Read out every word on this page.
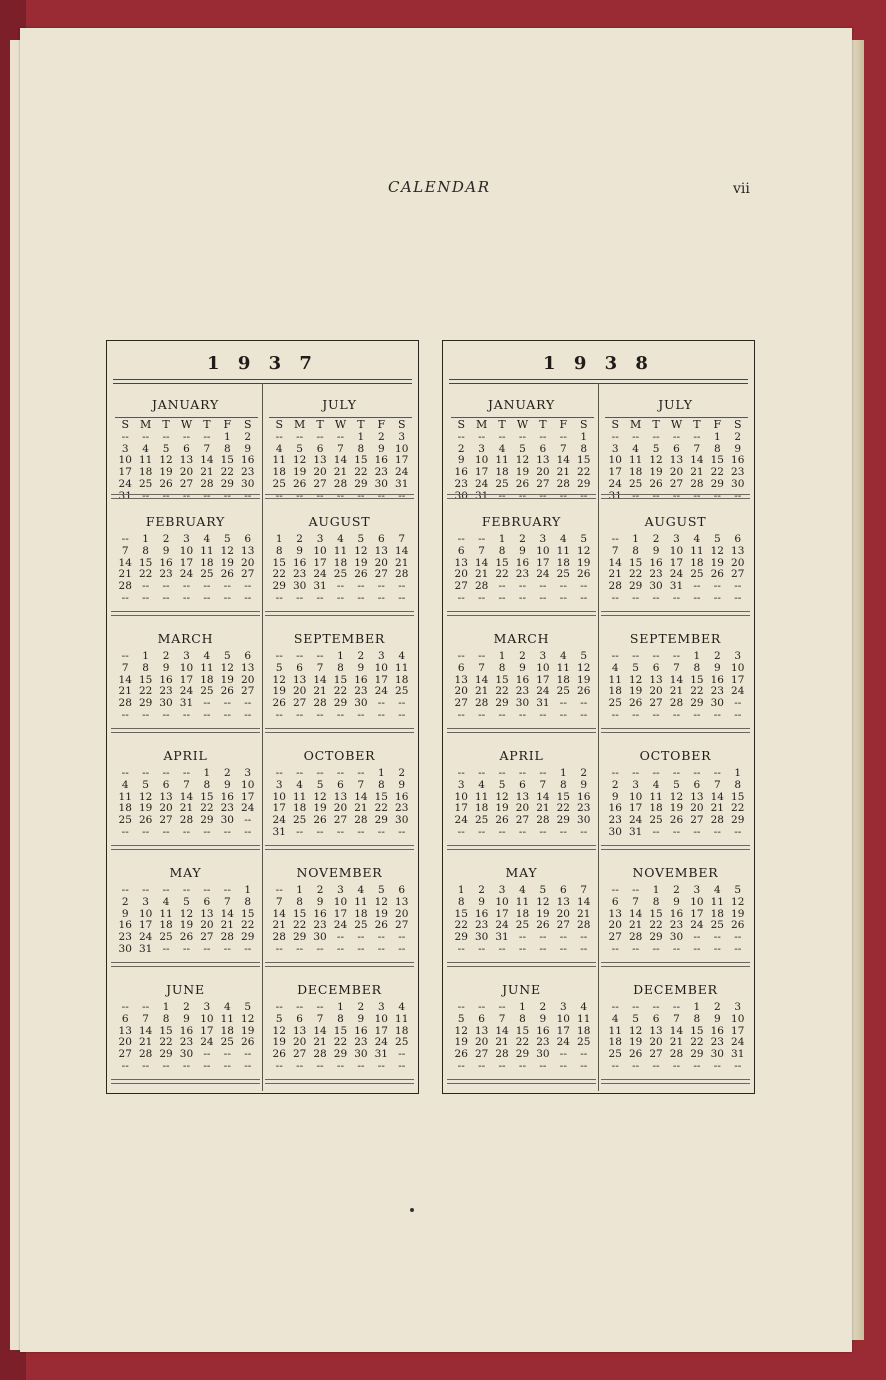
CALENDAR	vii
1 9 3 7
JANUARY
S	M	T	W	T	F	S
--	--	--	--	--	1	2
3	4	5	6	7	8	9
10 11 12 13 14 15 16
17 18 19 20 21 22 23
24 25 26 27 28 29 30
31 --	--	--	--	--	--
JULY
S	M	T	W	T	F	S
--	--	--	--	1	2	3
4	5	6	7	8	9 10
11 12 13 14 15 16 17
18 19 20 21 22 23 24
25 26 27 28 29 30 31
--	--	--	--	--	--	--
FEBRUARY
--	1	2	3	4	5	6
7	8	9 10 11 12 13
14 15 16 17 18 19 20
21 22 23 24 25 26 27
28 --	--	--	--	--	--
--	--	--	--	--	--	--
AUGUST
1	2	3	4	5	6	7
8	9 10 11 12 13 14
15 16 17 18 19 20 21
22 23 24 25 26 27 28
29 30 31 --	--	--	--
--	--	--	--	--	--	--
MARCH
--	1	2	3	4	5	6
7	8	9 10 11 12 13
14 15 16 17 18 19 20
21 22 23 24 25 26 27
28 29 30 31 --	--	--
--	--	--	--	--	--	--
SEPTEMBER
--	--	--	1	2	3	4
5	6	7	8	9 10 11
12 13 14 15 16 17 18
19 20 21 22 23 24 25
26 27 28 29 30 --	--
--	--	--	--	--	--	--
APRIL
--	--	--	--	1	2	3
4	5	6	7	8	9 10
11 12 13 14 15 16 17
18 19 20 21 22 23 24
25 26 27 28 29 30 --
--	--	--	--	--	--	--
OCTOBER
--	--	--	--	--	1	2
3	4	5	6	7	8	9
10 11 12 13 14 15 16
17 18 19 20 21 22 23
24 25 26 27 28 29 30
31 --	--	--	--	--	--
MAY
--	--	--	--	--	--	1
2	3	4	5	6	7	8
9 10 11 12 13 14 15
16 17 18 19 20 21 22
23 24 25 26 27 28 29
30 31 --	--	--	--	--
NOVEMBER
--	1	2	3	4	5	6
7	8	9 10 11 12 13
14 15 16 17 18 19 20
21 22 23 24 25 26 27
28 29 30 --	--	--	--
--	--	--	--	--	--	--
JUNE
--	--	1	2	3	4	5
6	7	8	9 10 11 12
13 14 15 16 17 18 19
20 21 22 23 24 25 26
27 28 29 30 --	--	--
--	--	--	--	--	--	--
DECEMBER
--	--	--	1	2	3	4
5	6	7	8	9 10 11
12 13 14 15 16 17 18
19 20 21 22 23 24 25
26 27 28 29 30 31 --
--	--	--	--	--	--	--
1 9 3 8
JANUARY
S	M	T	W	T	F	S
--	--	--	--	--	--	1
2	3	4	5	6	7	8
9 10 11 12 13 14 15
16 17 18 19 20 21 22
23 24 25 26 27 28 29
30 31 --	--	--	--	--
JULY
S	M	T	W	T	F	S
--	--	--	--	--	1	2
3	4	5	6	7	8	9
10 11 12 13 14 15 16
17 18 19 20 21 22 23
24 25 26 27 28 29 30
31 --	--	--	--	--	--
FEBRUARY
--	--	1	2	3	4	5
6	7	8	9 10 11 12
13 14 15 16 17 18 19
20 21 22 23 24 25 26
27 28 --	--	--	--	--
--	--	--	--	--	--	--
AUGUST
--	1	2	3	4	5	6
7	8	9 10 11 12 13
14 15 16 17 18 19 20
21 22 23 24 25 26 27
28 29 30 31 --	--	--
--	--	--	--	--	--	--
MARCH
--	--	1	2	3	4	5
6	7	8	9 10 11 12
13 14 15 16 17 18 19
20 21 22 23 24 25 26
27 28 29 30 31 --	--
--	--	--	--	--	--	--
SEPTEMBER
--	--	--	--	1	2	3
4	5	6	7	8	9 10
11 12 13 14 15 16 17
18 19 20 21 22 23 24
25 26 27 28 29 30 --
--	--	--	--	--	--	--
APRIL
--	--	--	--	--	1	2
3	4	5	6	7	8	9
10 11 12 13 14 15 16
17 18 19 20 21 22 23
24 25 26 27 28 29 30
--	--	--	--	--	--	--
OCTOBER
--	--	--	--	--	--	1
2	3	4	5	6	7	8
9 10 11 12 13 14 15
16 17 18 19 20 21 22
23 24 25 26 27 28 29
30 31 --	--	--	--	--
MAY
1	2	3	4	5	6	7
8	9 10 11 12 13 14
15 16 17 18 19 20 21
22 23 24 25 26 27 28
29 30 31 --	--	--	--
--	--	--	--	--	--	--
NOVEMBER
--	--	1	2	3	4	5
6	7	8	9 10 11 12
13 14 15 16 17 18 19
20 21 22 23 24 25 26
27 28 29 30 --	--	--
--	--	--	--	--	--	--
JUNE
--	--	--	1	2	3	4
5	6	7	8	9 10 11
12 13 14 15 16 17 18
19 20 21 22 23 24 25
26 27 28 29 30 --	--
--	--	--	--	--	--	--
DECEMBER
--	--	--	--	1	2	3
4	5	6	7	8	9 10
11 12 13 14 15 16 17
18 19 20 21 22 23 24
25 26 27 28 29 30 31
--	--	--	--	--	--	--
